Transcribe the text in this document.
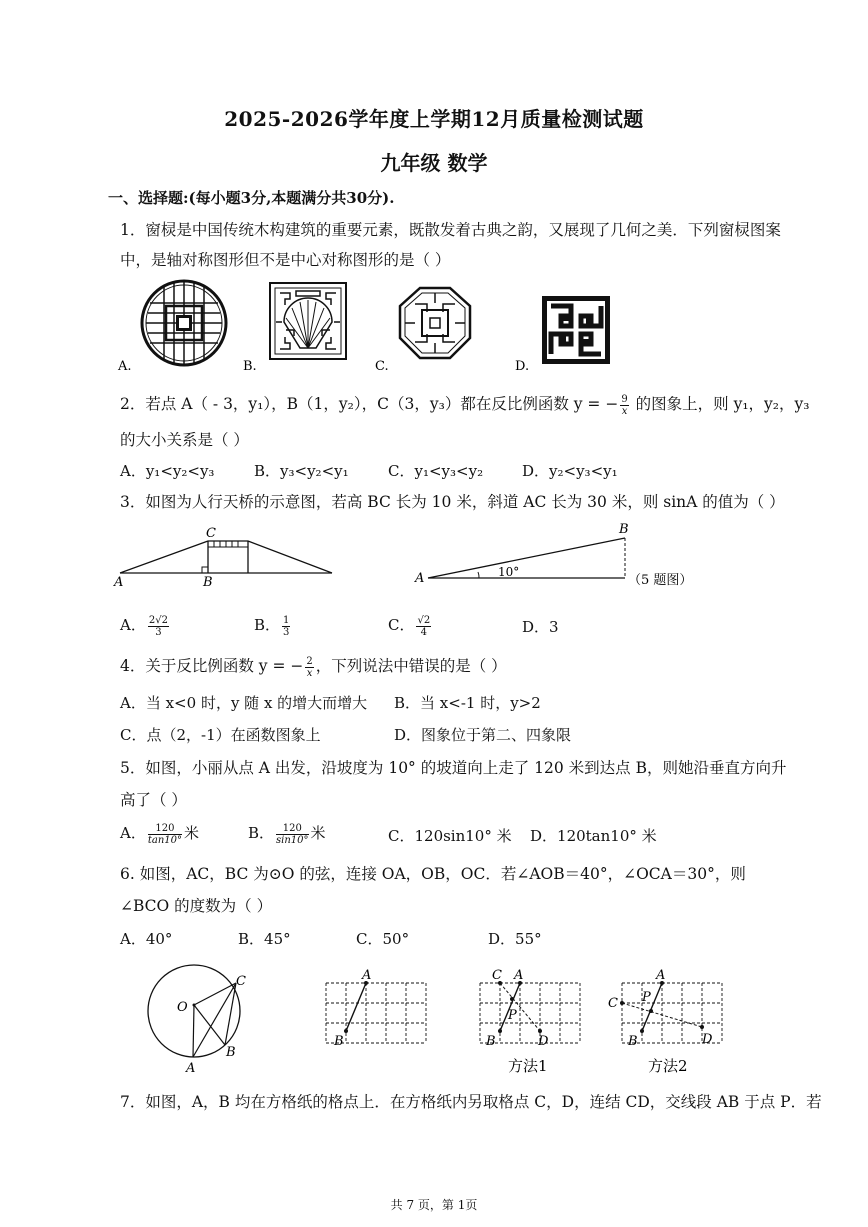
2025-2026学年度上学期12月质量检测试题
九年级 数学
一、选择题:(每小题3分,本题满分共30分).
1．窗棂是中国传统木构建筑的重要元素，既散发着古典之韵，又展现了几何之美．下列窗棂图案
中，是轴对称图形但不是中心对称图形的是（ ）
A.	B.	C.	D.
2．若点 A（ - 3，y₁），B（1，y₂），C（3，y₃）都在反比例函数 y = − $\frac{9}{x}$ 的图象上，则 y₁，y₂，y₃
的大小关系是（ ）
A．y₁<y₂<y₃	B．y₃<y₂<y₁	C．y₁<y₃<y₂	D．y₂<y₃<y₁
3．如图为人行天桥的示意图，若高 BC 长为 10 米，斜道 AC 长为 30 米，则 sinA 的值为（ ）
C
A	B	A
B
10°
（5 题图）
A． $\frac{2√2}{3}$	B． $\frac{1}{3}$	C． $\frac{√2}{4}$	D．3
4．关于反比例函数 y = − $\frac{2}{x}$ ，下列说法中错误的是（ ）
A．当 x<0 时，y 随 x 的增大而增大 B．当 x<‐1 时，y>2
C．点（2，‐1）在函数图象上	D．图象位于第二、四象限
5．如图，小丽从点 A 出发，沿坡度为 10° 的坡道向上走了 120 米到达点 B，则她沿垂直方向升
高了（ ）
A． $\frac{120}{\tan 10^\circ}$ 米	B． $\frac{120}{\sin 10^\circ}$ 米	C．120sin10° 米 D．120tan10° 米
6. 如图，AC，BC 为⊙O 的弦，连接 OA，OB，OC．若∠AOB＝40°，∠OCA＝30°，则
∠BCO 的度数为（ ）
A．40°	B．45°	C．50°	D．55°
O
C
B
A
A
B
C A
P
B	D
方法1
A
C P
B	D
方法2
7．如图，A，B 均在方格纸的格点上．在方格纸内另取格点 C，D，连结 CD，交线段 AB 于点 P．若
共 7 页，第 1页
